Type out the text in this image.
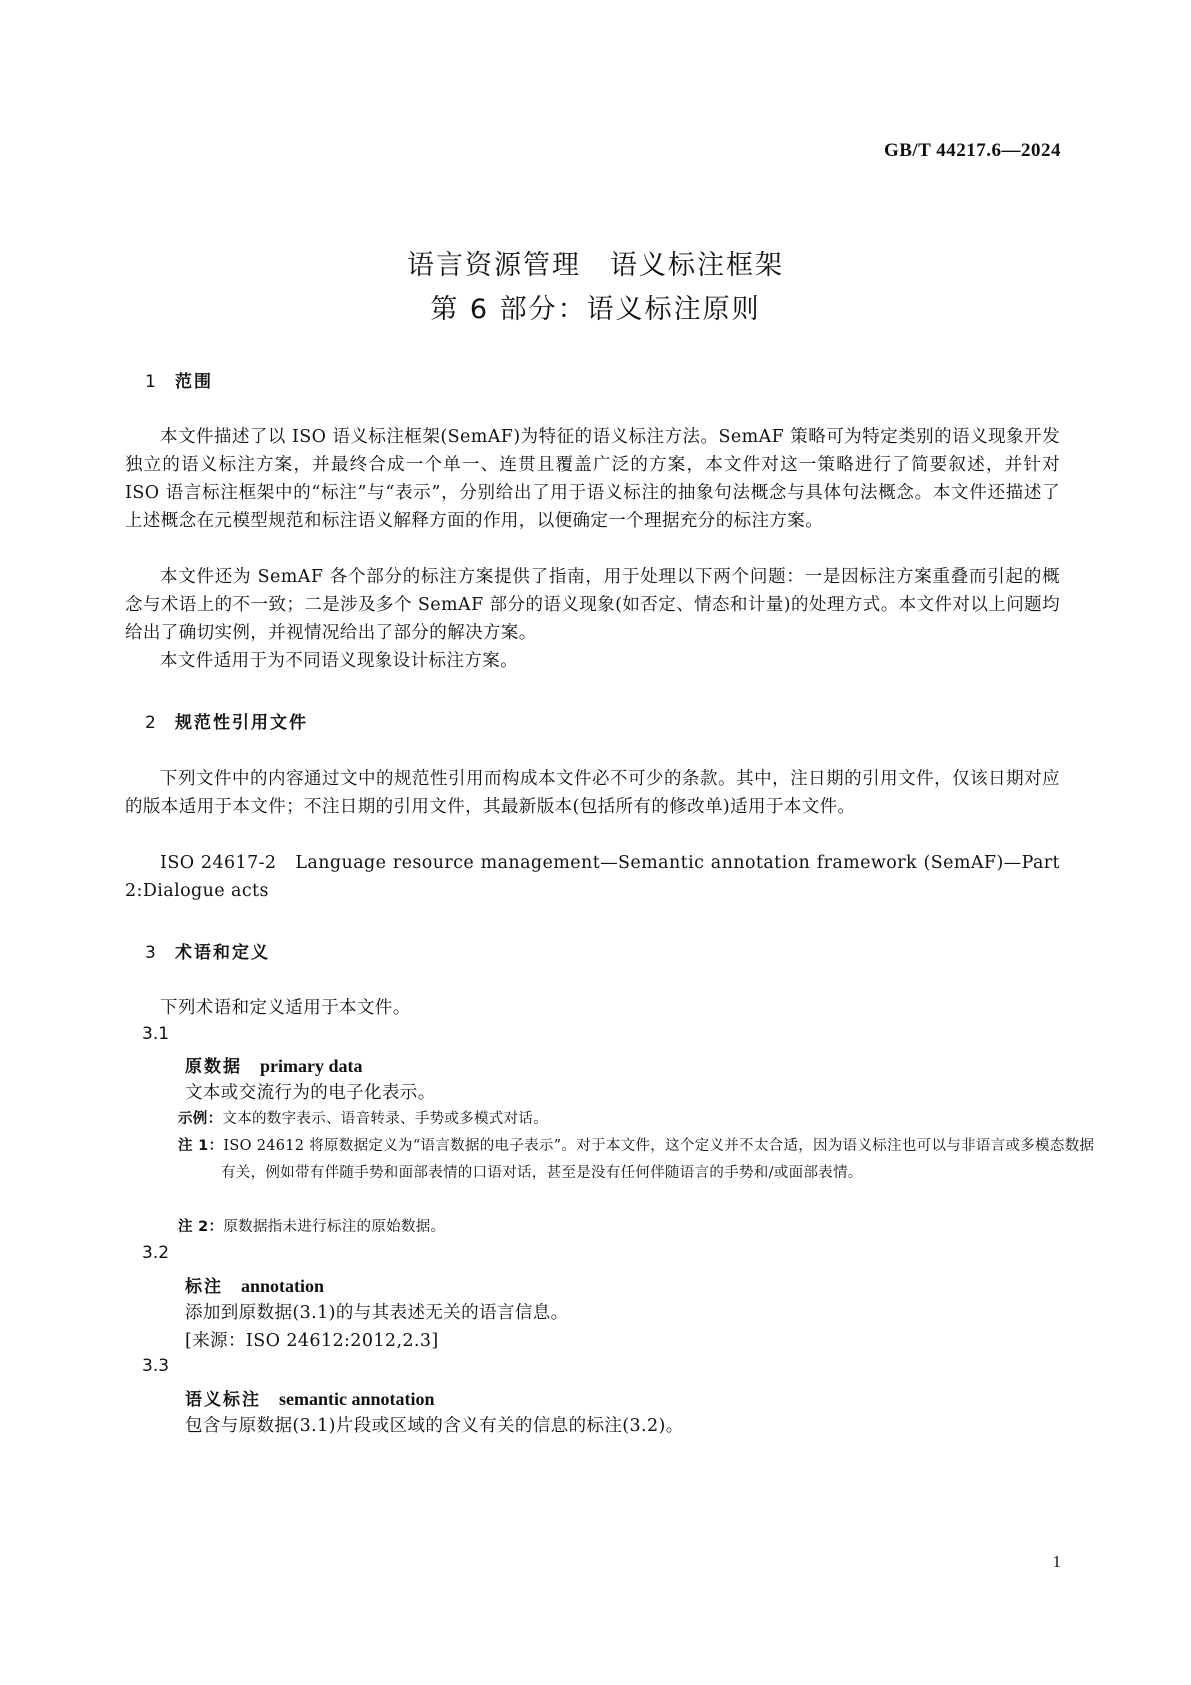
GB/T 44217.6—2024
语言资源管理　语义标注框架
第 6 部分：语义标注原则
1 范围
本文件描述了以 ISO 语义标注框架(SemAF)为特征的语义标注方法。SemAF 策略可为特定类别的语义现象开发独立的语义标注方案，并最终合成一个单一、连贯且覆盖广泛的方案，本文件对这一策略进行了简要叙述，并针对 ISO 语言标注框架中的“标注”与“表示”，分别给出了用于语义标注的抽象句法概念与具体句法概念。本文件还描述了上述概念在元模型规范和标注语义解释方面的作用，以便确定一个理据充分的标注方案。
本文件还为 SemAF 各个部分的标注方案提供了指南，用于处理以下两个问题：一是因标注方案重叠而引起的概念与术语上的不一致；二是涉及多个 SemAF 部分的语义现象(如否定、情态和计量)的处理方式。本文件对以上问题均给出了确切实例，并视情况给出了部分的解决方案。
本文件适用于为不同语义现象设计标注方案。
2 规范性引用文件
下列文件中的内容通过文中的规范性引用而构成本文件必不可少的条款。其中，注日期的引用文件，仅该日期对应的版本适用于本文件；不注日期的引用文件，其最新版本(包括所有的修改单)适用于本文件。
ISO 24617-2　Language resource management—Semantic annotation framework (SemAF)—Part 2:Dialogue acts
3 术语和定义
下列术语和定义适用于本文件。
3.1
原数据 primary data
文本或交流行为的电子化表示。
示例：文本的数字表示、语音转录、手势或多模式对话。
注 1：ISO 24612 将原数据定义为“语言数据的电子表示”。对于本文件，这个定义并不太合适，因为语义标注也可以与非语言或多模态数据有关，例如带有伴随手势和面部表情的口语对话，甚至是没有任何伴随语言的手势和/或面部表情。
注 2：原数据指未进行标注的原始数据。
3.2
标注 annotation
添加到原数据(3.1)的与其表述无关的语言信息。
[来源：ISO 24612:2012,2.3]
3.3
语义标注 semantic annotation
包含与原数据(3.1)片段或区域的含义有关的信息的标注(3.2)。
1
